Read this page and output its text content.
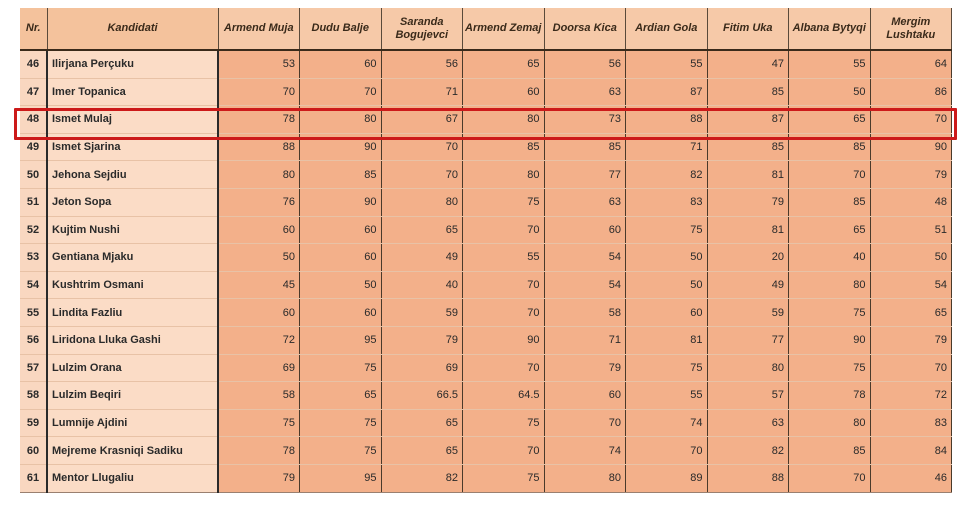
Nr.	Kandidati	Armend Muja	Dudu Balje	Saranda Bogujevci	Armend Zemaj	Doorsa Kica	Ardian Gola	Fitim Uka	Albana Bytyqi	Mergim Lushtaku
46	Ilirjana Perçuku	53	60	56	65	56	55	47	55	64
47	Imer Topanica	70	70	71	60	63	87	85	50	86
48	Ismet Mulaj	78	80	67	80	73	88	87	65	70
49	Ismet Sjarina	88	90	70	85	85	71	85	85	90
50	Jehona Sejdiu	80	85	70	80	77	82	81	70	79
51	Jeton Sopa	76	90	80	75	63	83	79	85	48
52	Kujtim Nushi	60	60	65	70	60	75	81	65	51
53	Gentiana Mjaku	50	60	49	55	54	50	20	40	50
54	Kushtrim Osmani	45	50	40	70	54	50	49	80	54
55	Lindita Fazliu	60	60	59	70	58	60	59	75	65
56	Liridona Lluka Gashi	72	95	79	90	71	81	77	90	79
57	Lulzim Orana	69	75	69	70	79	75	80	75	70
58	Lulzim Beqiri	58	65	66.5	64.5	60	55	57	78	72
59	Lumnije Ajdini	75	75	65	75	70	74	63	80	83
60	Mejreme Krasniqi Sadiku	78	75	65	70	74	70	82	85	84
61	Mentor Llugaliu	79	95	82	75	80	89	88	70	46
